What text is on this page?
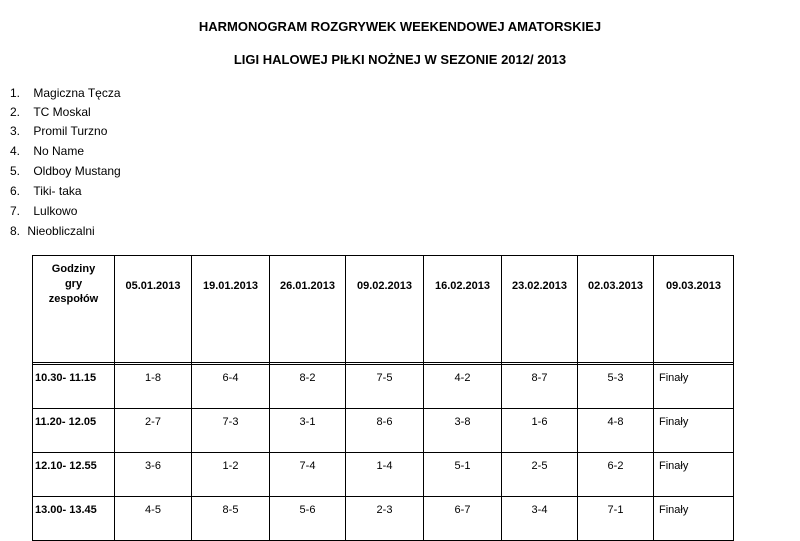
HARMONOGRAM ROZGRYWEK WEEKENDOWEJ AMATORSKIEJ
LIGI HALOWEJ PIŁKI NOŻNEJ W SEZONIE 2012/ 2013
1. Magiczna Tęcza
2. TC Moskal
3. Promil Turzno
4. No Name
5. Oldboy Mustang
6. Tiki- taka
7. Lulkowo
8. Nieobliczalni
Godziny
gry
zespołów	05.01.2013	19.01.2013	26.01.2013	09.02.2013	16.02.2013	23.02.2013	02.03.2013	09.03.2013

10.30- 11.15	1-8	6-4	8-2	7-5	4-2	8-7	5-3	Finały
11.20- 12.05	2-7	7-3	3-1	8-6	3-8	1-6	4-8	Finały
12.10- 12.55	3-6	1-2	7-4	1-4	5-1	2-5	6-2	Finały
13.00- 13.45	4-5	8-5	5-6	2-3	6-7	3-4	7-1	Finały
